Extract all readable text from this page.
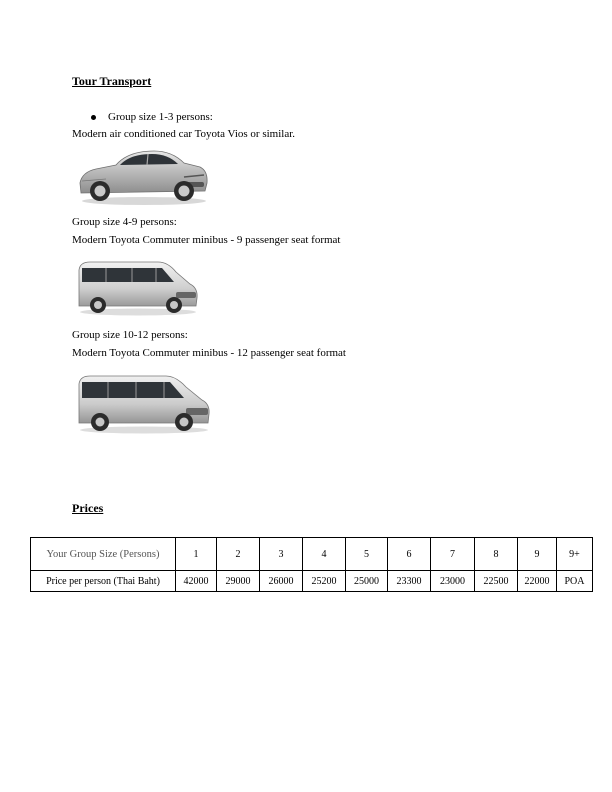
Tour Transport
Group size 1-3 persons:
Modern air conditioned car Toyota Vios or similar.
Group size 4-9 persons:
Modern Toyota Commuter minibus - 9 passenger seat format
Group size 10-12 persons:
Modern Toyota Commuter minibus - 12 passenger seat format
Prices
Your Group Size (Persons)	1	2	3	4	5	6	7	8	9	9+
Price per person (Thai Baht)	42000	29000	26000	25200	25000	23300	23000	22500	22000	POA
